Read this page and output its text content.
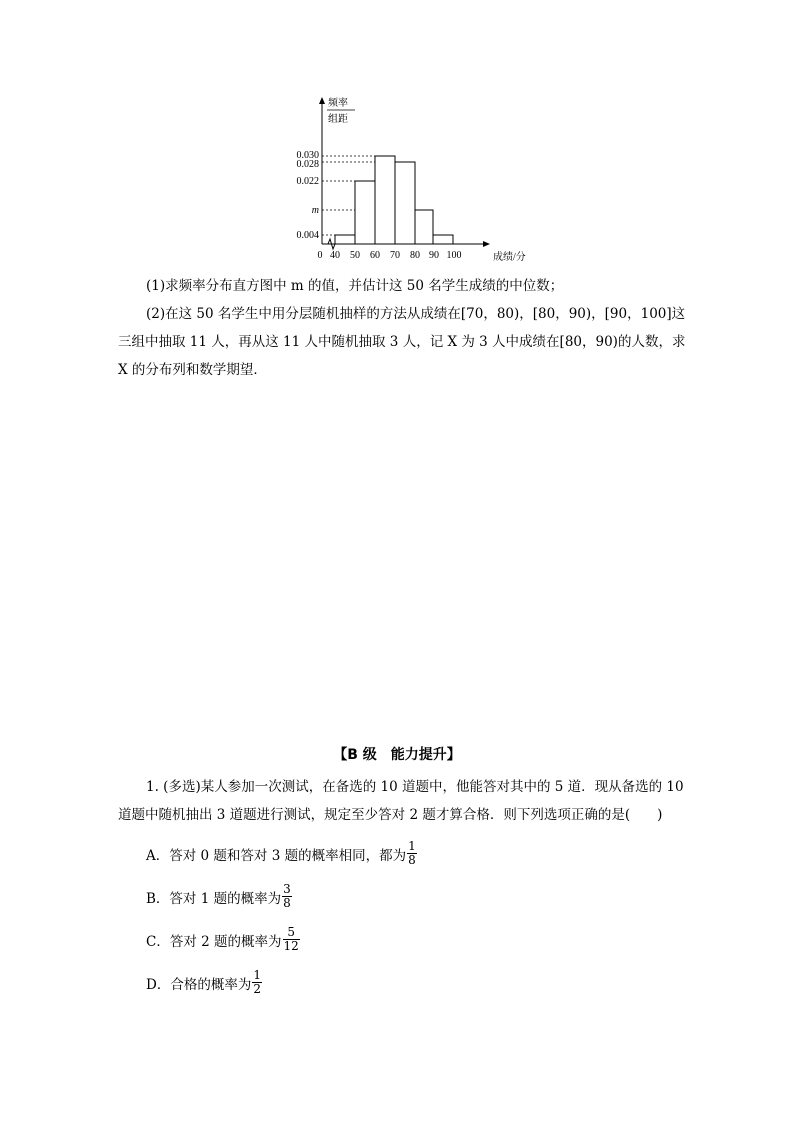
频率
组距
0.030
0.028
0.022
m
0.004
0 40 50 60 70 80 90 100	成绩/分
(1)求频率分布直方图中 m 的值，并估计这 50 名学生成绩的中位数；
(2)在这 50 名学生中用分层随机抽样的方法从成绩在[70，80)，[80，90)，[90，100]这三组中抽取 11 人，再从这 11 人中随机抽取 3 人，记 X 为 3 人中成绩在[80，90)的人数，求 X 的分布列和数学期望．
【B 级　能力提升】
1. (多选)某人参加一次测试，在备选的 10 道题中，他能答对其中的 5 道．现从备选的 10 道题中随机抽出 3 道题进行测试，规定至少答对 2 题才算合格．则下列选项正确的是(　　)
A．答对 0 题和答对 3 题的概率相同，都为 $\frac{1}{8}$
B．答对 1 题的概率为 $\frac{3}{8}$
C．答对 2 题的概率为 $\frac{5}{12}$
D．合格的概率为 $\frac{1}{2}$
